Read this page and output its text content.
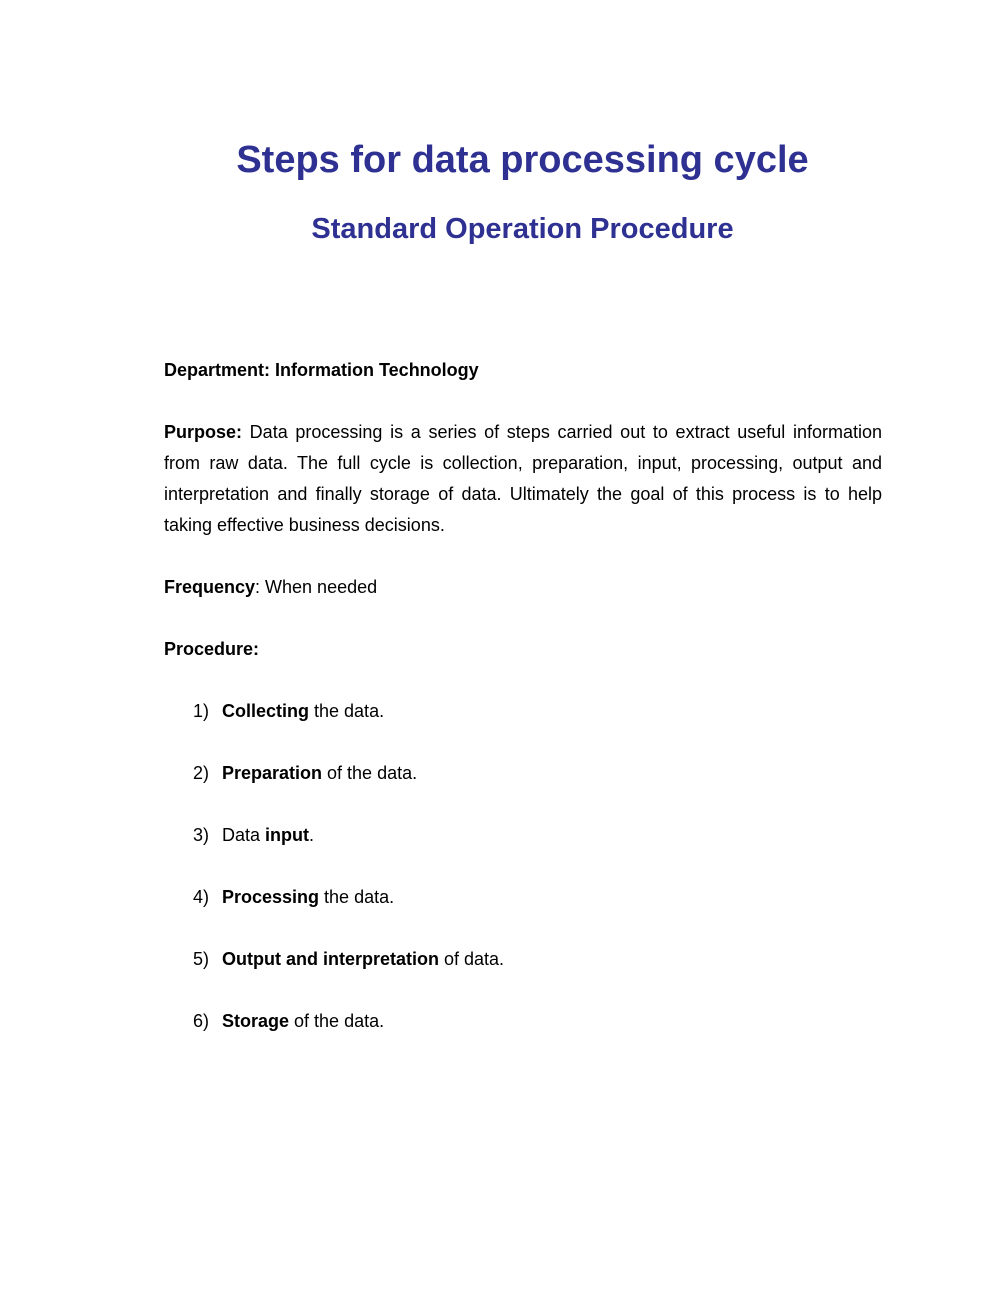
Steps for data processing cycle
Standard Operation Procedure

Department: Information Technology

Purpose: Data processing is a series of steps carried out to extract useful information from raw data. The full cycle is collection, preparation, input, processing, output and interpretation and finally storage of data. Ultimately the goal of this process is to help taking effective business decisions.

Frequency: When needed

Procedure:

1) Collecting the data.
2) Preparation of the data.
3) Data input.
4) Processing the data.
5) Output and interpretation of data.
6) Storage of the data.
